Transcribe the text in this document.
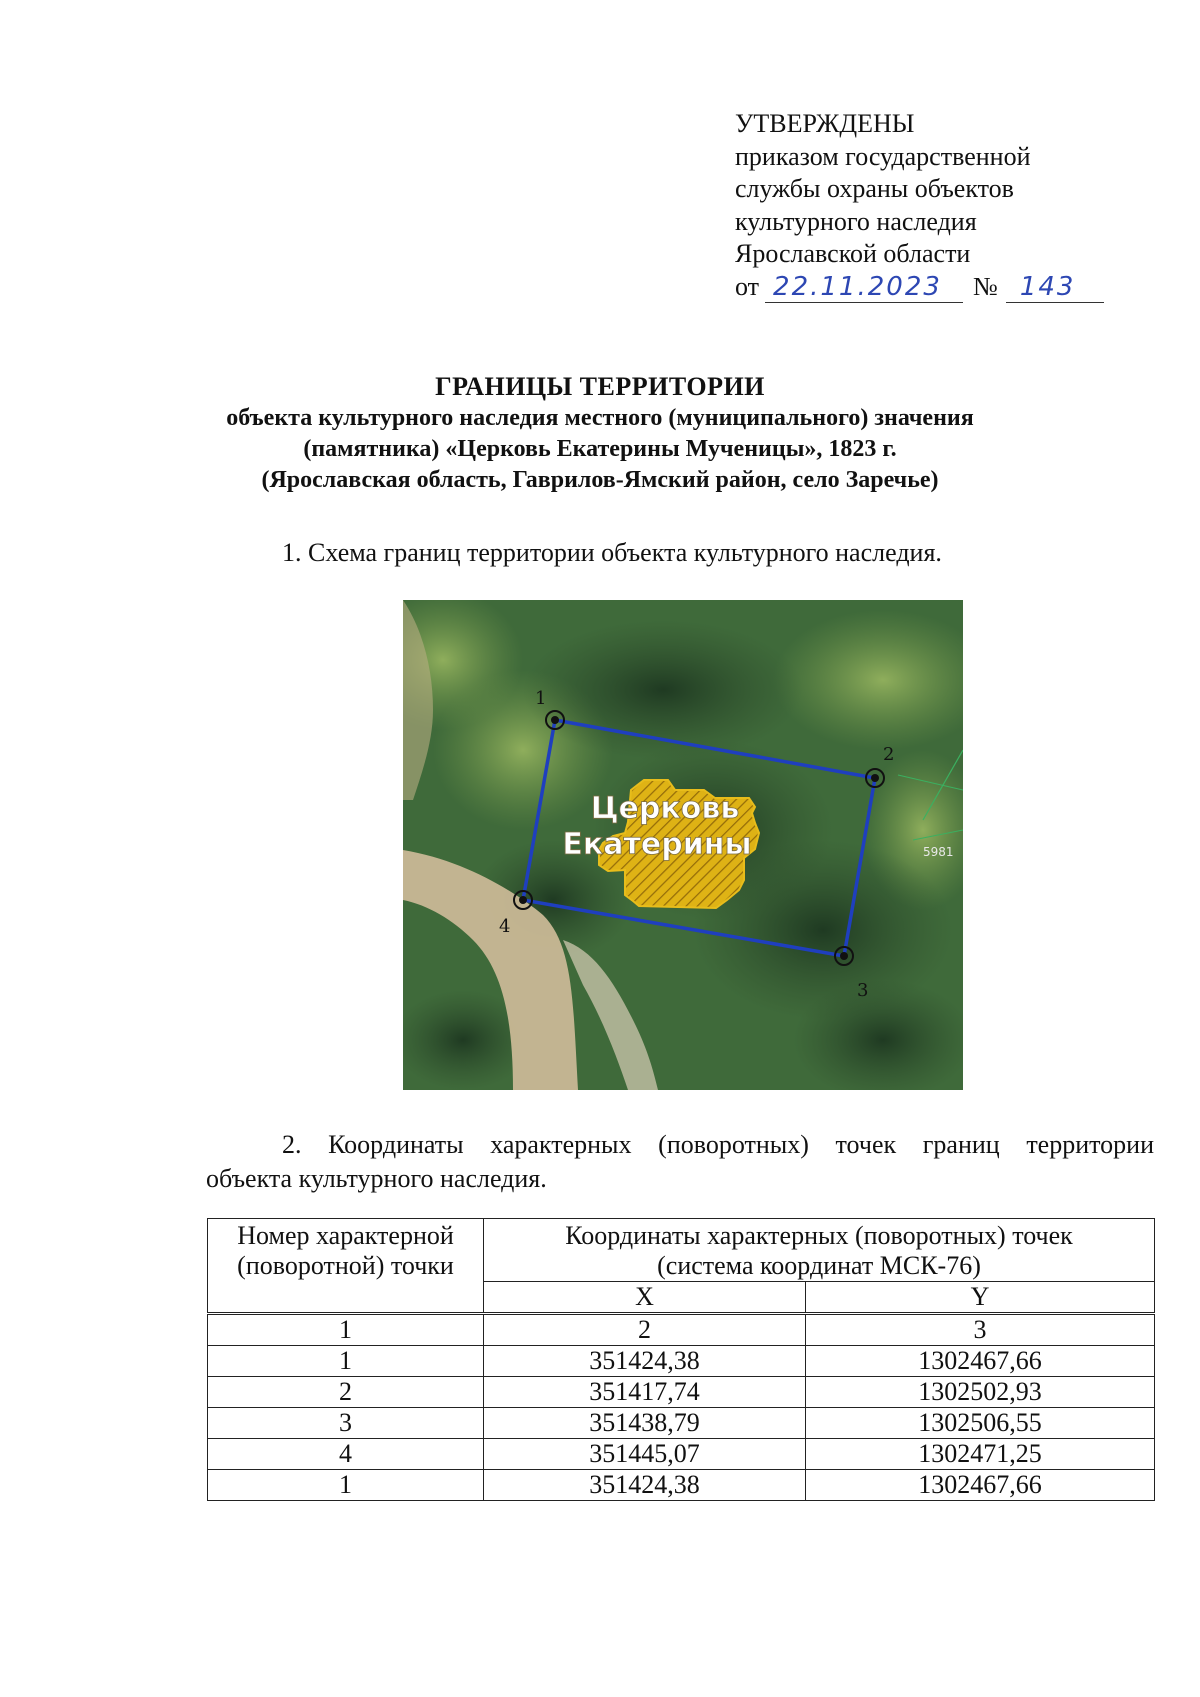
УТВЕРЖДЕНЫ
приказом государственной
службы охраны объектов
культурного наследия
Ярославской области
от 22.11.2023 № 143
ГРАНИЦЫ ТЕРРИТОРИИ
объекта культурного наследия местного (муниципального) значения
(памятника) «Церковь Екатерины Мученицы», 1823 г.
(Ярославская область, Гаврилов-Ямский район, село Заречье)
1. Схема границ территории объекта культурного наследия.
Церковь
Екатерины
1
2
3
4
5981
2. Координаты характерных (поворотных) точек границ территории
объекта культурного наследия.
Номер характерной (поворотной) точки	Координаты характерных (поворотных) точек (система координат МСК-76)	
	X	Y
1	2	3
1	351424,38	1302467,66
2	351417,74	1302502,93
3	351438,79	1302506,55
4	351445,07	1302471,25
1	351424,38	1302467,66
